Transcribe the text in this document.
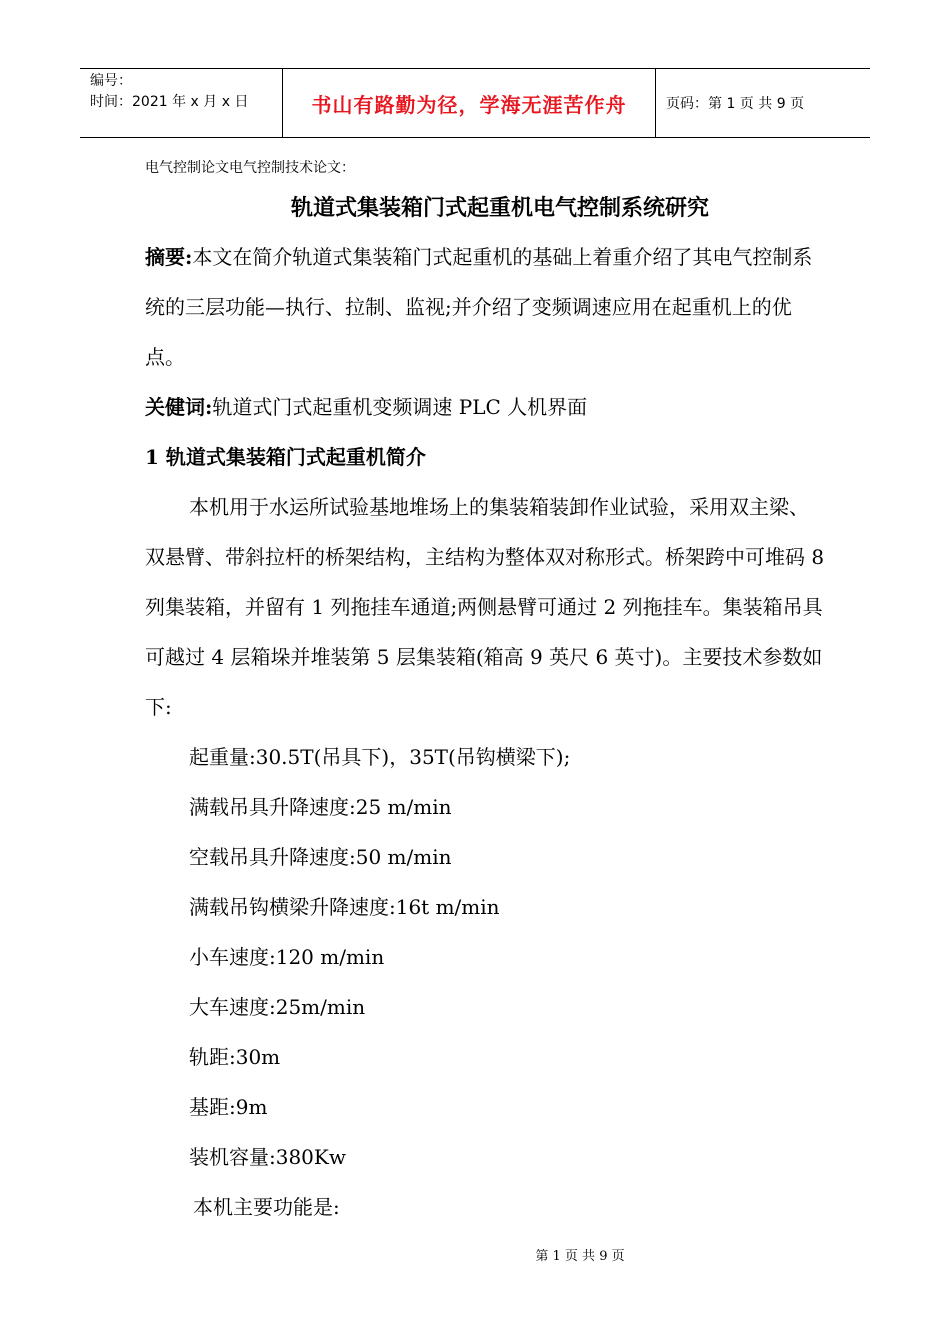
编号：
时间：2021 年 x 月 x 日	书山有路勤为径，学海无涯苦作舟	页码：第 1 页 共 9 页

电气控制论文电气控制技术论文：

轨道式集装箱门式起重机电气控制系统研究

摘要:本文在简介轨道式集装箱门式起重机的基础上着重介绍了其电气控制系统的三层功能—执行、拉制、监视;并介绍了变频调速应用在起重机上的优点。

关健词:轨道式门式起重机变频调速 PLC 人机界面

1 轨道式集装箱门式起重机简介

本机用于水运所试验基地堆场上的集装箱装卸作业试验，采用双主梁、双悬臂、带斜拉杆的桥架结构，主结构为整体双对称形式。桥架跨中可堆码 8 列集装箱，并留有 1 列拖挂车通道;两侧悬臂可通过 2 列拖挂车。集装箱吊具可越过 4 层箱垛并堆装第 5 层集装箱(箱高 9 英尺 6 英寸)。主要技术参数如下:

起重量:30.5T(吊具下)，35T(吊钩横梁下);

满载吊具升降速度:25 m/min

空载吊具升降速度:50 m/min

满载吊钩横梁升降速度:16t m/min

小车速度:120 m/min

大车速度:25m/min

轨距:30m

基距:9m

装机容量:380Kw

本机主要功能是:

第 1 页 共 9 页
